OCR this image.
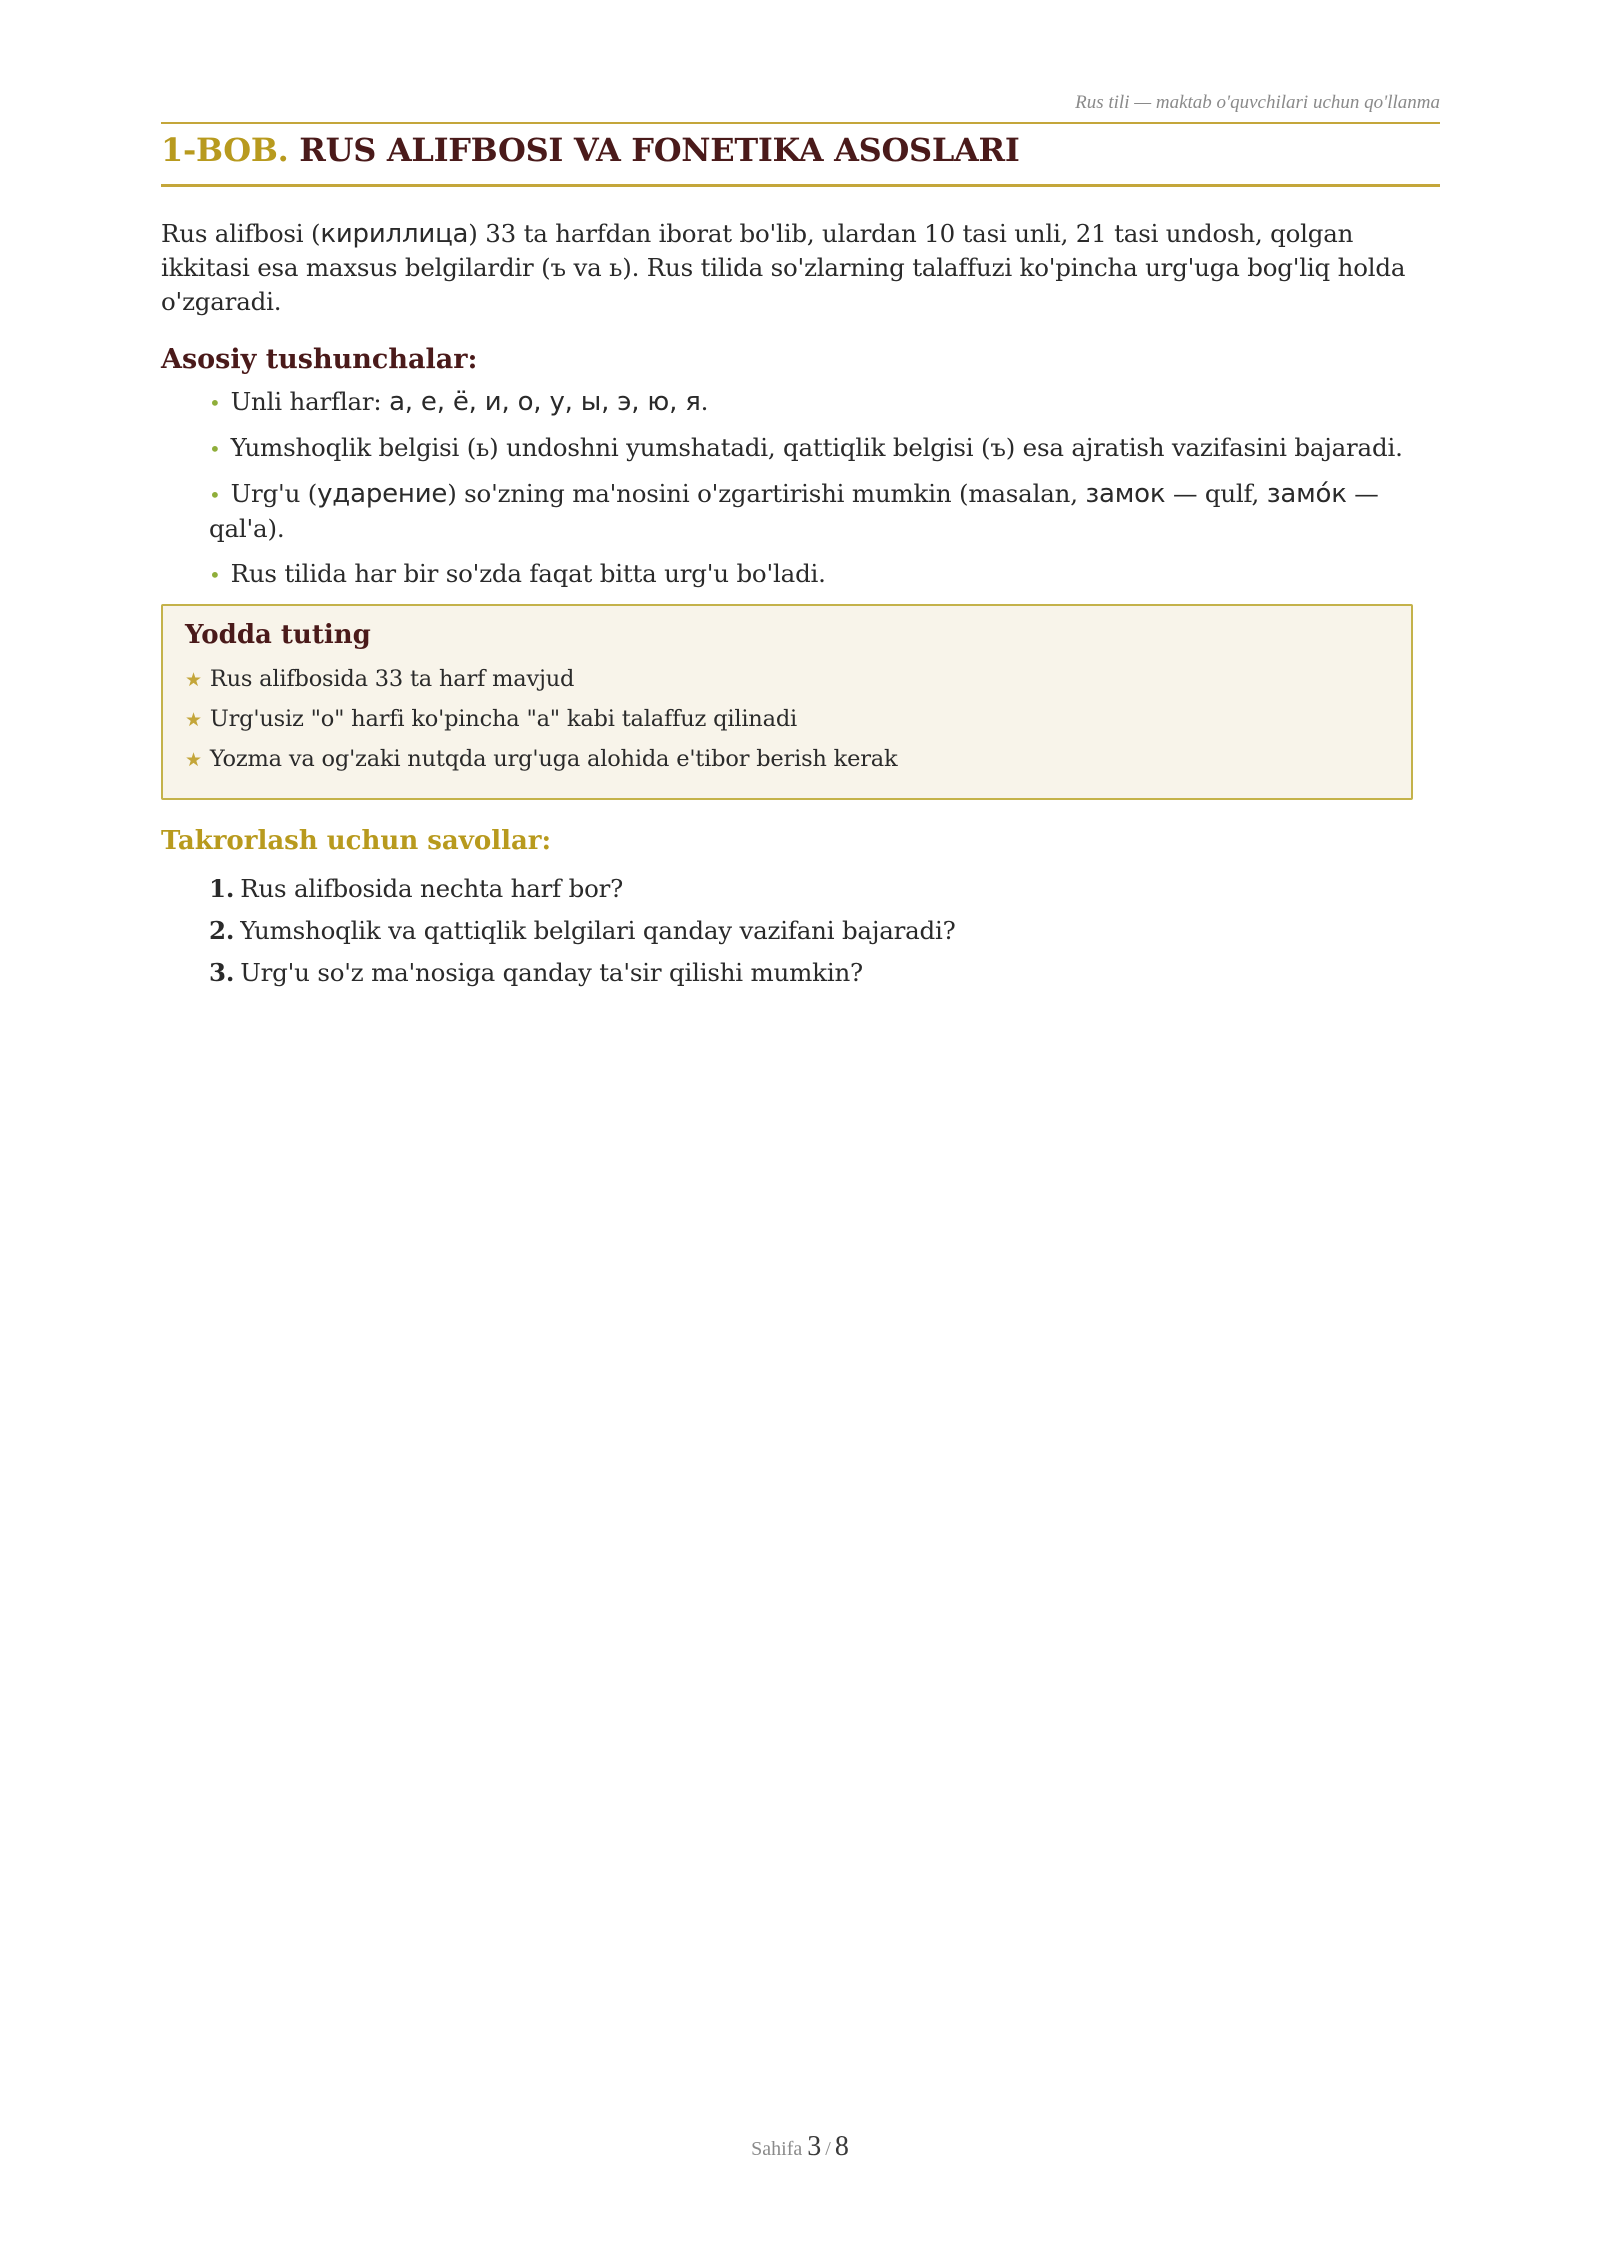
Rus tili — maktab o'quvchilari uchun qo'llanma
1-BOB. RUS ALIFBOSI VA FONETIKA ASOSLARI

Rus alifbosi (кириллица) 33 ta harfdan iborat bo'lib, ulardan 10 tasi unli, 21 tasi undosh, qolgan ikkitasi esa maxsus belgilardir (ъ va ь). Rus tilida so'zlarning talaffuzi ko'pincha urg'uga bog'liq holda o'zgaradi.

Asosiy tushunchalar:
• Unli harflar: а, е, ё, и, о, у, ы, э, ю, я.
• Yumshoqlik belgisi (ь) undoshni yumshatadi, qattiqlik belgisi (ъ) esa ajratish vazifasini bajaradi.
• Urg'u (ударение) so'zning ma'nosini o'zgartirishi mumkin (masalan, замок — qulf, замо́к — qal'a).
• Rus tilida har bir so'zda faqat bitta urg'u bo'ladi.
Yodda tuting
★ Rus alifbosida 33 ta harf mavjud
★ Urg'usiz "о" harfi ko'pincha "а" kabi talaffuz qilinadi
★ Yozma va og'zaki nutqda urg'uga alohida e'tibor berish kerak
Takrorlash uchun savollar:
1. Rus alifbosida nechta harf bor?
2. Yumshoqlik va qattiqlik belgilari qanday vazifani bajaradi?
3. Urg'u so'z ma'nosiga qanday ta'sir qilishi mumkin?
Sahifa 3 / 8
